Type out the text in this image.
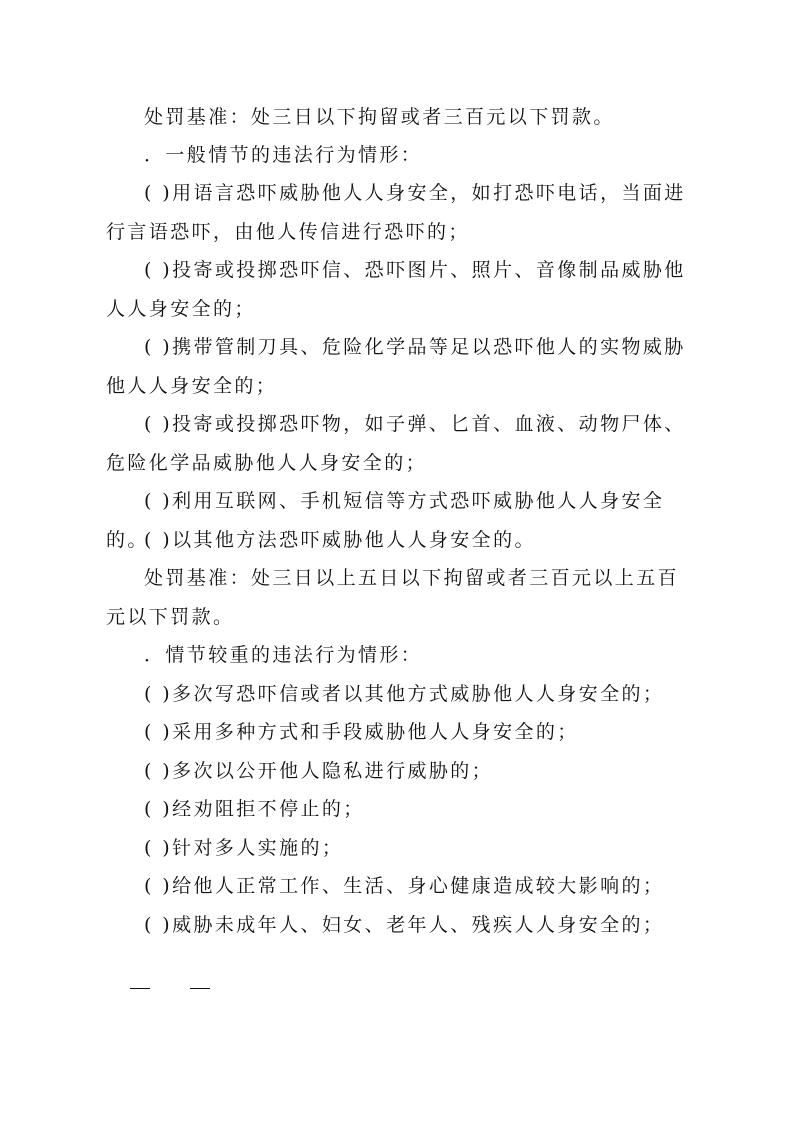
处罚基准：处三日以下拘留或者三百元以下罚款。

．一般情节的违法行为情形：

( )用语言恐吓威胁他人人身安全，如打恐吓电话，当面进行言语恐吓，由他人传信进行恐吓的；

( )投寄或投掷恐吓信、恐吓图片、照片、音像制品威胁他人人身安全的；

( )携带管制刀具、危险化学品等足以恐吓他人的实物威胁他人人身安全的；

( )投寄或投掷恐吓物，如子弹、匕首、血液、动物尸体、危险化学品威胁他人人身安全的；

( )利用互联网、手机短信等方式恐吓威胁他人人身安全的。

( )以其他方法恐吓威胁他人人身安全的。

处罚基准：处三日以上五日以下拘留或者三百元以上五百元以下罚款。

．情节较重的违法行为情形：

( )多次写恐吓信或者以其他方式威胁他人人身安全的；

( )采用多种方式和手段威胁他人人身安全的；

( )多次以公开他人隐私进行威胁的；

( )经劝阻拒不停止的；

( )针对多人实施的；

( )给他人正常工作、生活、身心健康造成较大影响的；

( )威胁未成年人、妇女、老年人、残疾人人身安全的；
